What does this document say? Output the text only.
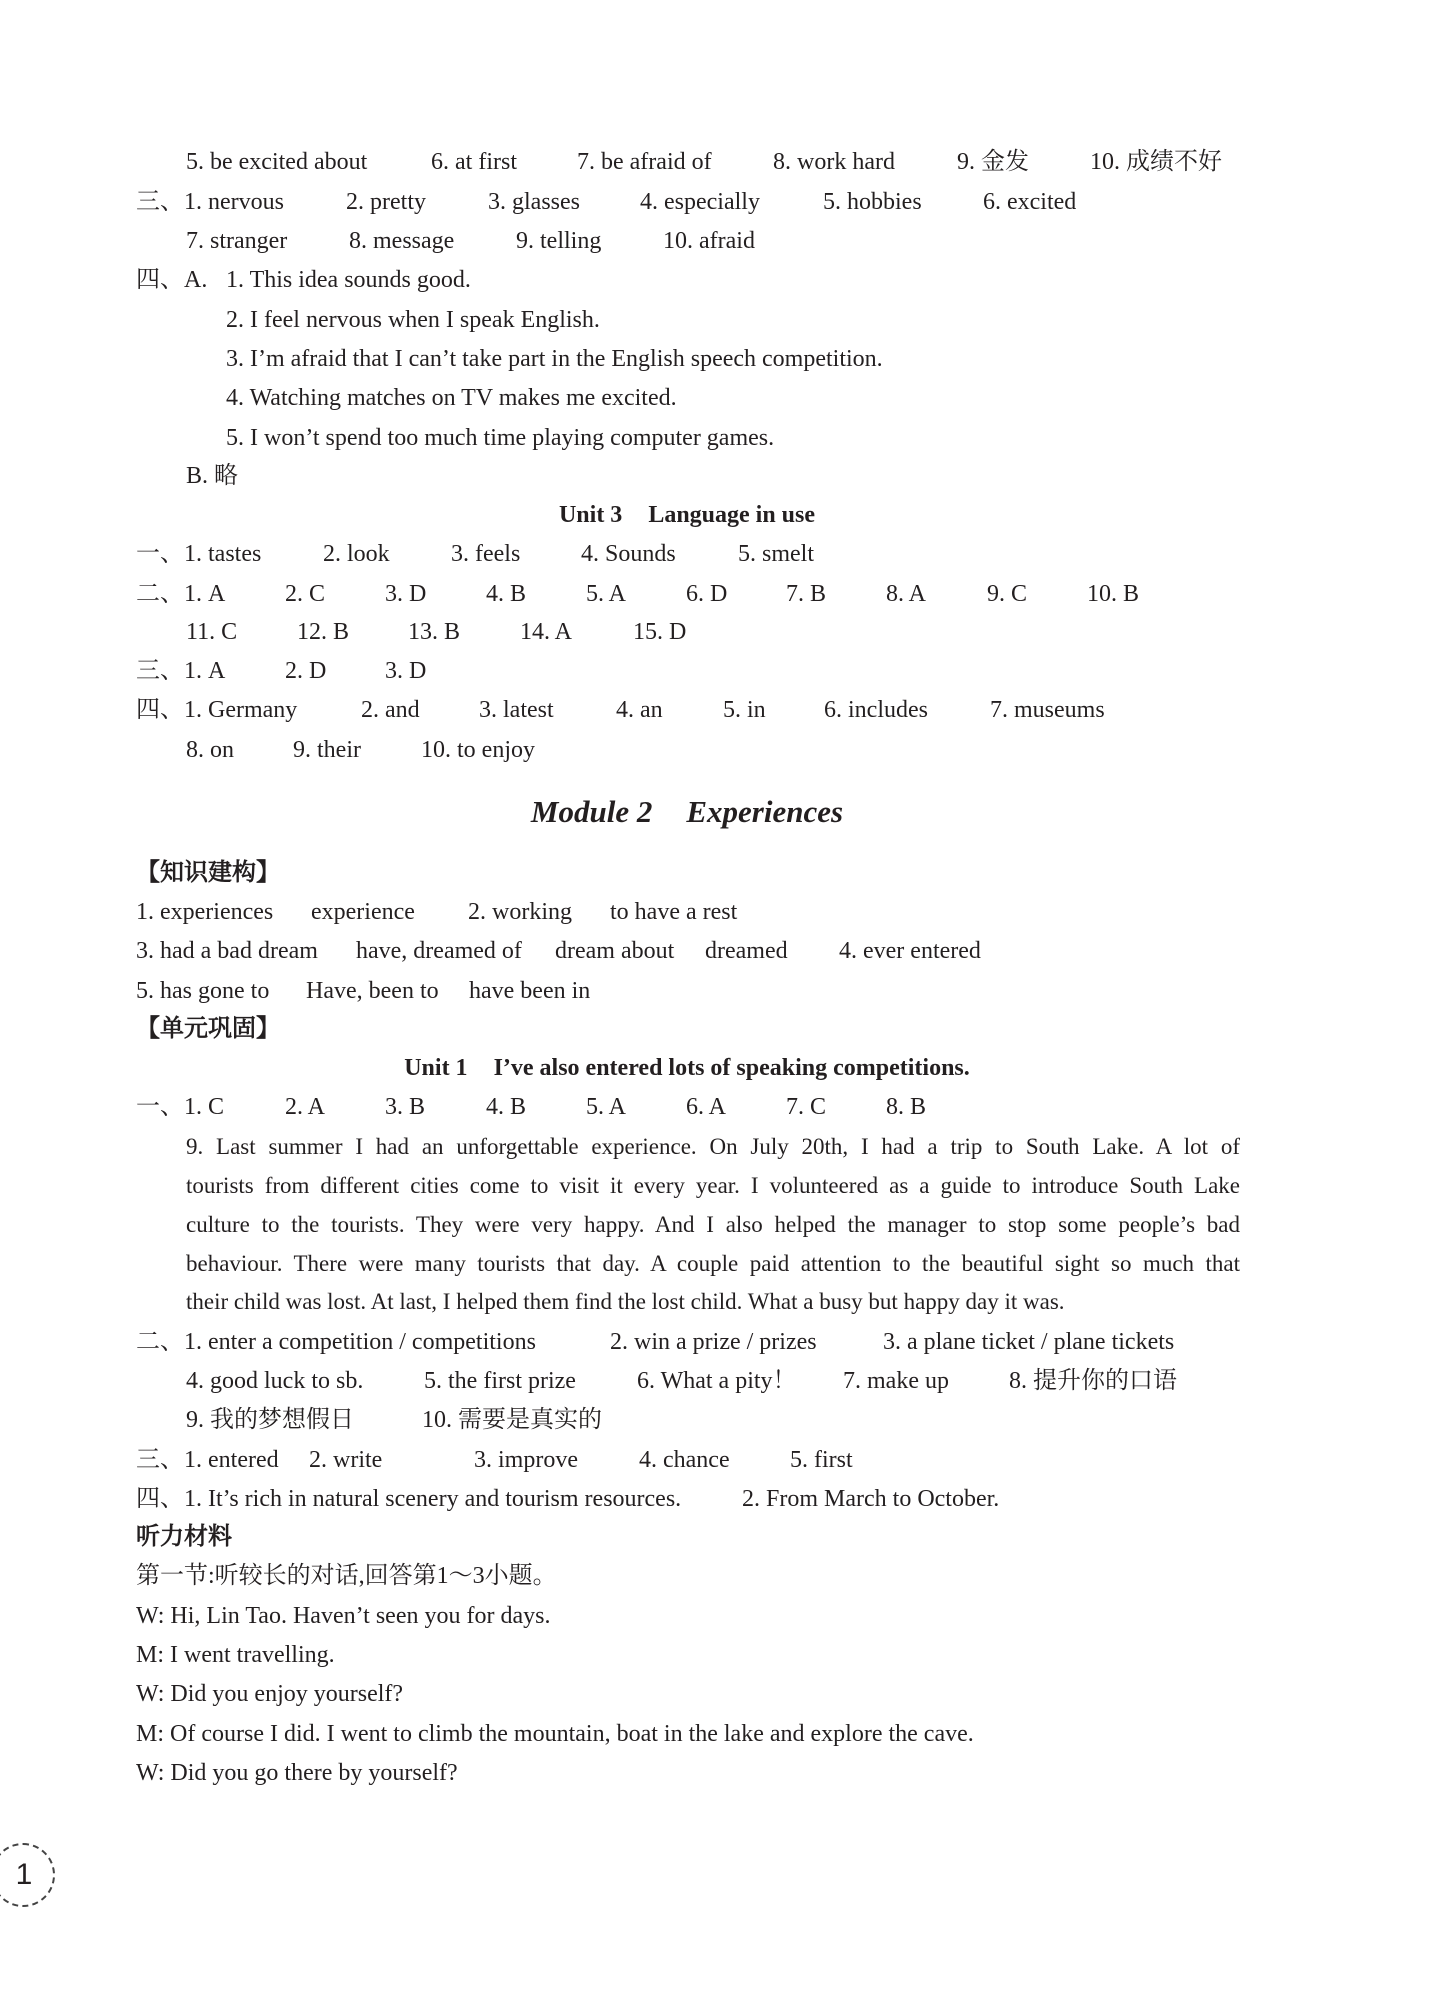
5. be excited about	6. at first	7. be afraid of	8. work hard	9. 金发	10. 成绩不好
三、1. nervous	2. pretty	3. glasses	4. especially	5. hobbies	6. excited
7. stranger	8. message	9. telling	10. afraid
四、A. 1. This idea sounds good.
2. I feel nervous when I speak English.
3. I’m afraid that I can’t take part in the English speech competition.
4. Watching matches on TV makes me excited.
5. I won’t spend too much time playing computer games.
B. 略
Unit 3 Language in use
一、1. tastes	2. look	3. feels	4. Sounds	5. smelt
二、1. A 2. C 3. D 4. B 5. A 6. D 7. B 8. A	9. C 10. B
11. C 12. B 13. B 14. A	15. D
三、1. A 2. D 3. D
四、1. Germany	2. and 3. latest	4. an	5. in 6. includes	7. museums
8. on 9. their	10. to enjoy
Module 2 Experiences
【知识建构】
1. experiences experience 2. working to have a rest
3. had a bad dream have, dreamed of dream about dreamed 4. ever entered
5. has gone to Have, been to have been in
【单元巩固】
Unit 1 I’ve also entered lots of speaking competitions.
一、1. C	2. A 3. B	4. B 5. A 6. A 7. C 8. B
9. Last summer I had an unforgettable experience. On July 20th, I had a trip to South Lake. A lot of
tourists from different cities come to visit it every year. I volunteered as a guide to introduce South Lake
culture to the tourists. They were very happy. And I also helped the manager to stop some people’s bad
behaviour. There were many tourists that day. A couple paid attention to the beautiful sight so much that
their child was lost. At last, I helped them find the lost child. What a busy but happy day it was.
二、1. enter a competition / competitions	2. win a prize / prizes	3. a plane ticket / plane tickets
4. good luck to sb.	5. the first prize	6. What a pity！ 7. make up	8. 提升你的口语
9. 我的梦想假日	10. 需要是真实的
三、1. entered 2. write	3. improve	4. chance	5. first
四、1. It’s rich in natural scenery and tourism resources.	2. From March to October.
听力材料
第一节:听较长的对话,回答第1～3小题。
W: Hi, Lin Tao. Haven’t seen you for days.
M: I went travelling.
W: Did you enjoy yourself?
M: Of course I did. I went to climb the mountain, boat in the lake and explore the cave.
W: Did you go there by yourself?
1
